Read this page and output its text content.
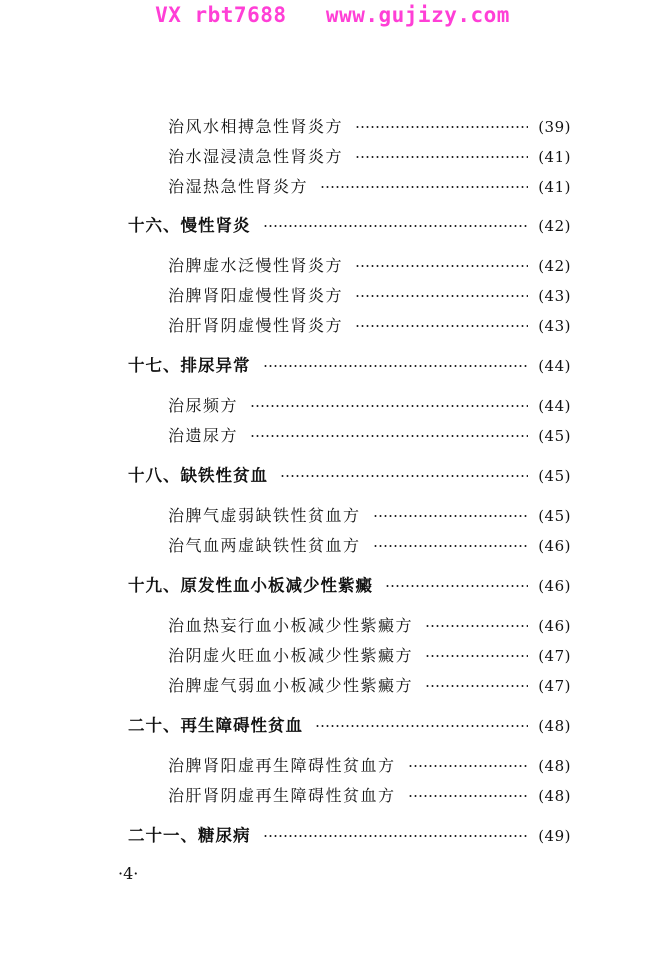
VX rbt7688   www.gujizy.com
治风水相搏急性肾炎方	(39)
治水湿浸渍急性肾炎方	(41)
治湿热急性肾炎方	(41)
十六、慢性肾炎	(42)
治脾虚水泛慢性肾炎方	(42)
治脾肾阳虚慢性肾炎方	(43)
治肝肾阴虚慢性肾炎方	(43)
十七、排尿异常	(44)
治尿频方	(44)
治遗尿方	(45)
十八、缺铁性贫血	(45)
治脾气虚弱缺铁性贫血方	(45)
治气血两虚缺铁性贫血方	(46)
十九、原发性血小板减少性紫癜	(46)
治血热妄行血小板减少性紫癜方	(46)
治阴虚火旺血小板减少性紫癜方	(47)
治脾虚气弱血小板减少性紫癜方	(47)
二十、再生障碍性贫血	(48)
治脾肾阳虚再生障碍性贫血方	(48)
治肝肾阴虚再生障碍性贫血方	(48)
二十一、糖尿病	(49)
·4·
